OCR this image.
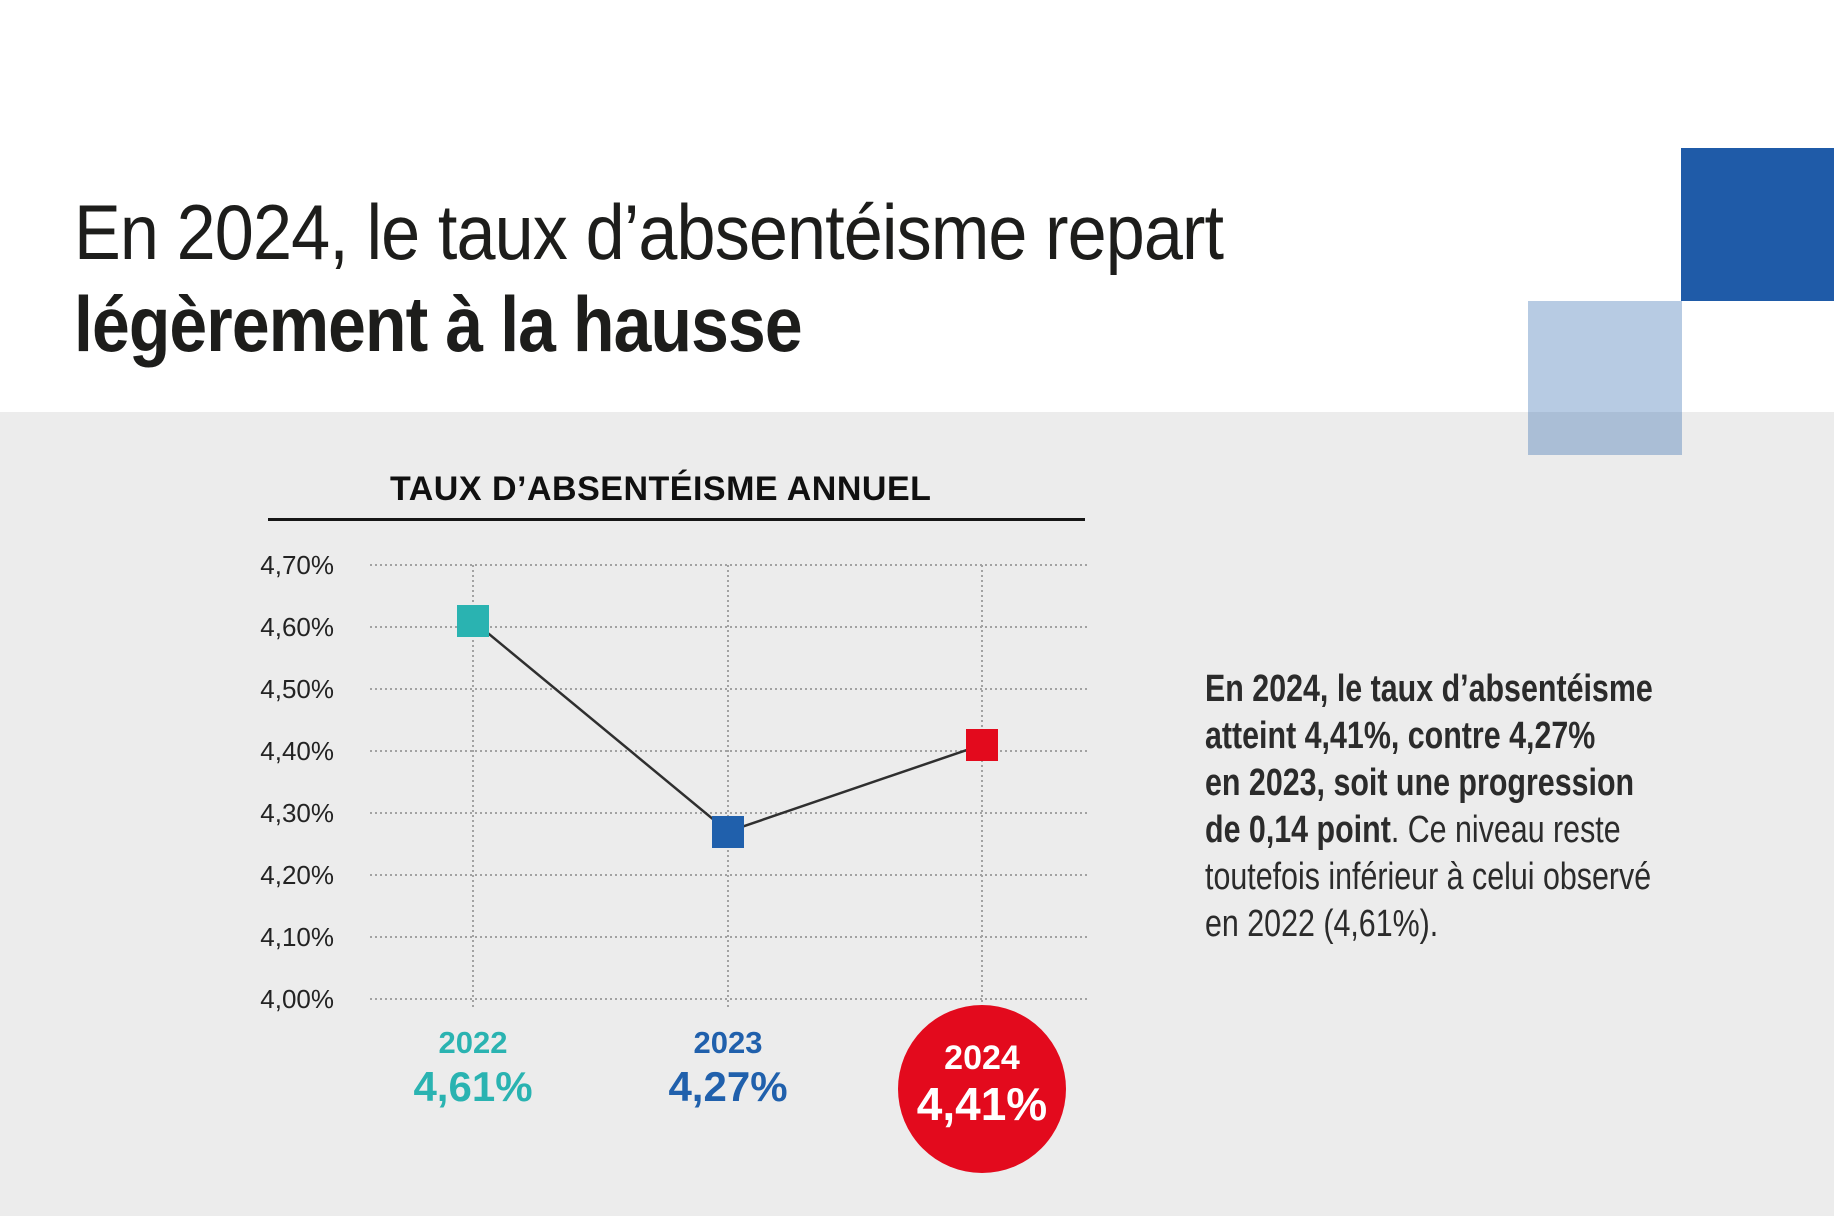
En 2024, le taux d’absentéisme repart
légèrement à la hausse
TAUX D’ABSENTÉISME ANNUEL
4,70%
4,60%
4,50%
4,40%
4,30%
4,20%
4,10%
4,00%
2022
4,61%
2023
4,27%
2024
4,41%
En 2024, le taux d’absentéisme
atteint 4,41%, contre 4,27%
en 2023, soit une progression
de 0,14 point. Ce niveau reste
toutefois inférieur à celui observé
en 2022 (4,61%).
